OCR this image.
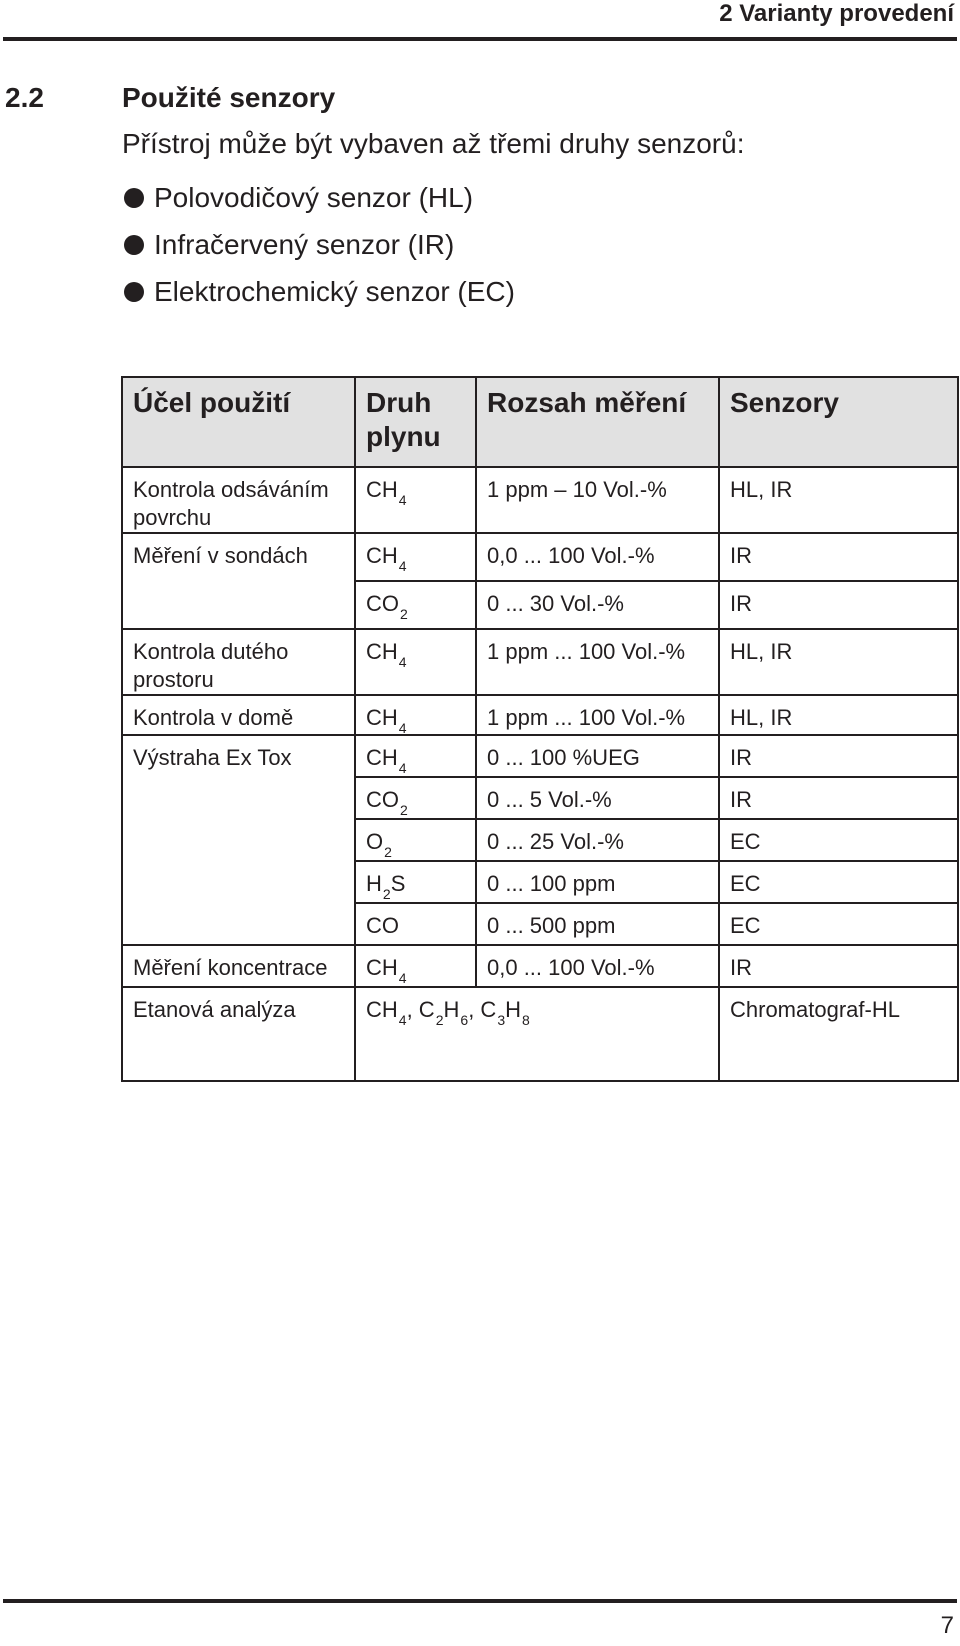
2 Varianty provedení
2.2	Použité senzory
Přístroj může být vybaven až třemi druhy senzorů:
Polovodičový senzor (HL)
Infračervený senzor (IR)
Elektrochemický senzor (EC)
Účel použití	Druh plynu	Rozsah měření	Senzory
Kontrola odsáváním povrchu	$CH_4$	1 ppm – 10 Vol.-%	HL, IR
Měření v sondách	$CH_4$	0,0 ... 100 Vol.-%	IR
	$CO_2$	0 ... 30 Vol.-%	IR
Kontrola dutého prostoru	$CH_4$	1 ppm ... 100 Vol.-%	HL, IR
Kontrola v domě	$CH_4$	1 ppm ... 100 Vol.-%	HL, IR
Výstraha Ex Tox	$CH_4$	0 ... 100 %UEG	IR
	$CO_2$	0 ... 5 Vol.-%	IR
	$O_2$	0 ... 25 Vol.-%	EC
	$H_2S$	0 ... 100 ppm	EC
	CO	0 ... 500 ppm	EC
Měření koncentrace	$CH_4$	0,0 ... 100 Vol.-%	IR
Etanová analýza	$CH_4$, $C_2H_6$, $C_3H_8$		Chromatograf-HL
7
